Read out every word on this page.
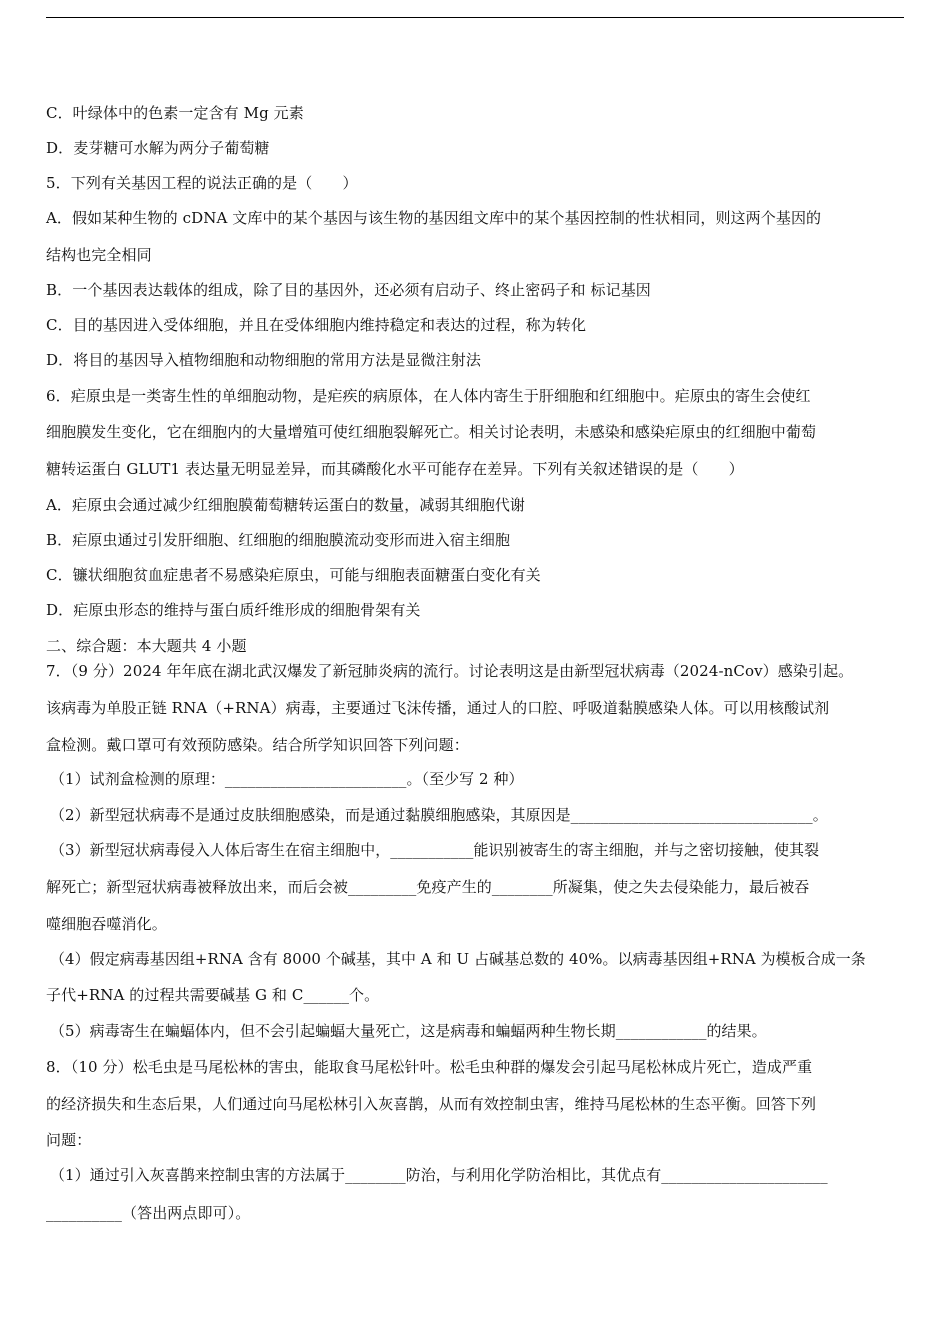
C．叶绿体中的色素一定含有 Mg 元素
D．麦芽糖可水解为两分子葡萄糖
5．下列有关基因工程的说法正确的是（　　）
A．假如某种生物的 cDNA 文库中的某个基因与该生物的基因组文库中的某个基因控制的性状相同，则这两个基因的
结构也完全相同
B．一个基因表达载体的组成，除了目的基因外，还必须有启动子、终止密码子和 标记基因
C．目的基因进入受体细胞，并且在受体细胞内维持稳定和表达的过程，称为转化
D．将目的基因导入植物细胞和动物细胞的常用方法是显微注射法
6．疟原虫是一类寄生性的单细胞动物，是疟疾的病原体，在人体内寄生于肝细胞和红细胞中。疟原虫的寄生会使红
细胞膜发生变化，它在细胞内的大量增殖可使红细胞裂解死亡。相关讨论表明，未感染和感染疟原虫的红细胞中葡萄
糖转运蛋白 GLUT1 表达量无明显差异，而其磷酸化水平可能存在差异。下列有关叙述错误的是（　　）
A．疟原虫会通过减少红细胞膜葡萄糖转运蛋白的数量，减弱其细胞代谢
B．疟原虫通过引发肝细胞、红细胞的细胞膜流动变形而进入宿主细胞
C．镰状细胞贫血症患者不易感染疟原虫，可能与细胞表面糖蛋白变化有关
D．疟原虫形态的维持与蛋白质纤维形成的细胞骨架有关
二、综合题：本大题共 4 小题
7．（9 分）2024 年年底在湖北武汉爆发了新冠肺炎病的流行。讨论表明这是由新型冠状病毒（2024-nCov）感染引起。
该病毒为单股正链 RNA（+RNA）病毒，主要通过飞沫传播，通过人的口腔、呼吸道黏膜感染人体。可以用核酸试剂
盒检测。戴口罩可有效预防感染。结合所学知识回答下列问题：
（1）试剂盒检测的原理：________________________。（至少写 2 种）
（2）新型冠状病毒不是通过皮肤细胞感染，而是通过黏膜细胞感染，其原因是________________________________。
（3）新型冠状病毒侵入人体后寄生在宿主细胞中，___________能识别被寄生的寄主细胞，并与之密切接触，使其裂
解死亡；新型冠状病毒被释放出来，而后会被_________免疫产生的________所凝集，使之失去侵染能力，最后被吞
噬细胞吞噬消化。
（4）假定病毒基因组+RNA 含有 8000 个碱基，其中 A 和 U 占碱基总数的 40%。以病毒基因组+RNA 为模板合成一条
子代+RNA 的过程共需要碱基 G 和 C______个。
（5）病毒寄生在蝙蝠体内，但不会引起蝙蝠大量死亡，这是病毒和蝙蝠两种生物长期____________的结果。
8．（10 分）松毛虫是马尾松林的害虫，能取食马尾松针叶。松毛虫种群的爆发会引起马尾松林成片死亡，造成严重
的经济损失和生态后果，人们通过向马尾松林引入灰喜鹊，从而有效控制虫害，维持马尾松林的生态平衡。回答下列
问题：
（1）通过引入灰喜鹊来控制虫害的方法属于________防治，与利用化学防治相比，其优点有______________________
__________（答出两点即可）。
